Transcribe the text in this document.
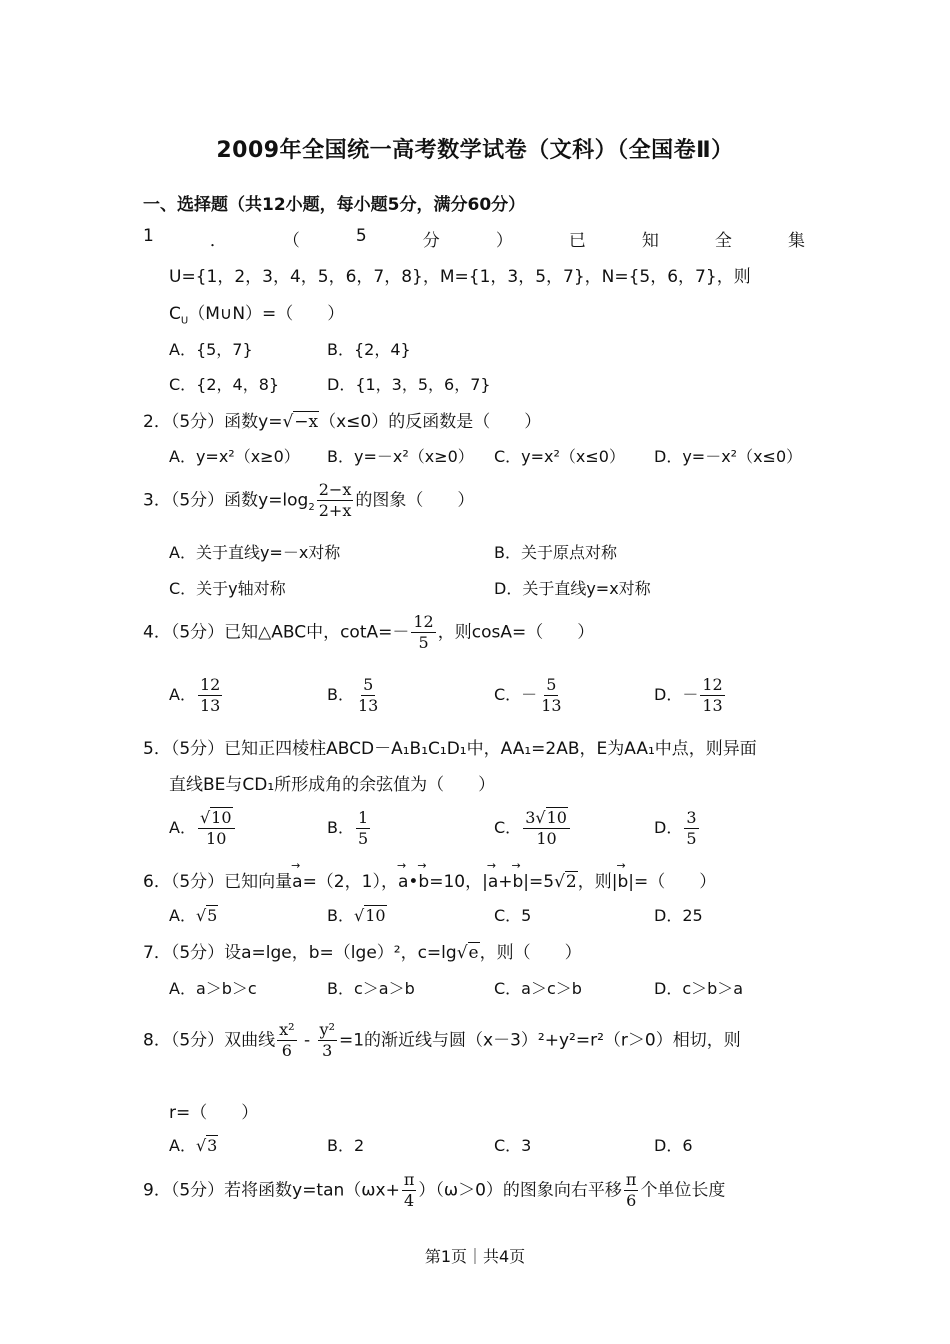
2009年全国统一高考数学试卷（文科）（全国卷Ⅱ）
一、选择题（共12小题，每小题5分，满分60分）
1	．	（	5	分	）	已	知	全	集
U={1，2，3，4，5，6，7，8}，M={1，3，5，7}，N={5，6，7}，则
$C_U(M\cup N)=$（　　）
A．{5，7}	B．{2，4}
C．{2，4，8}	D．{1，3，5，6，7}
2．（5分）函数y=√−x（x≤0）的反函数是（　　）
A．y=x²（x≥0） B．y=－x²（x≥0） C．y=x²（x≤0） D．y=－x²（x≤0）
3．（5分）函数$y=\log_2 \frac{2-x}{2+x}$ 的图象（　　）
A．关于直线y=－x对称	B．关于原点对称
C．关于y轴对称	D．关于直线y=x对称
4．（5分）已知△ABC中，$\cot A=- \frac{12}{5}$ ，则cosA=（　　）
A． $\frac{12}{13}$	B． $\frac{5}{13}$	C．－ $\frac{5}{13}$	D．－ $\frac{12}{13}$
5．（5分）已知正四棱柱ABCD－A₁B₁C₁D₁中，AA₁=2AB，E为AA₁中点，则异面
直线BE与CD₁所形成角的余弦值为（　　）
A． $\frac{√10}{10}$	B． $\frac{1}{5}$	C． $\frac{3√10}{10}$	D． $\frac{3}{5}$
6．（5分）已知向量→ a=（2，1），→ a•→ b=10，|→ a+→ b|=5√2，则|→ b|=（　　）
A．√5	B．√10	C．5	D．25
7．（5分）设a=lge，b=（lge）²，c=lg√e，则（　　）
A．a＞b＞c	B．c＞a＞b	C．a＞c＞b	D．c＞b＞a
8．（5分）双曲线 $\frac{\text{x²}}{6} - \frac{\text{y²}}{3} =1$的渐近线与圆（x－3）²+y²=r²（r＞0）相切，则
r=（　　）
A．√3	B．2	C．3	D．6
9．（5分）若将函数$y=\tan(\omega x+ \frac{\pi}{4} )(\omega>0)$的图象向右平移 $\frac{\pi}{6}$ 个单位长度
第1页｜共4页
